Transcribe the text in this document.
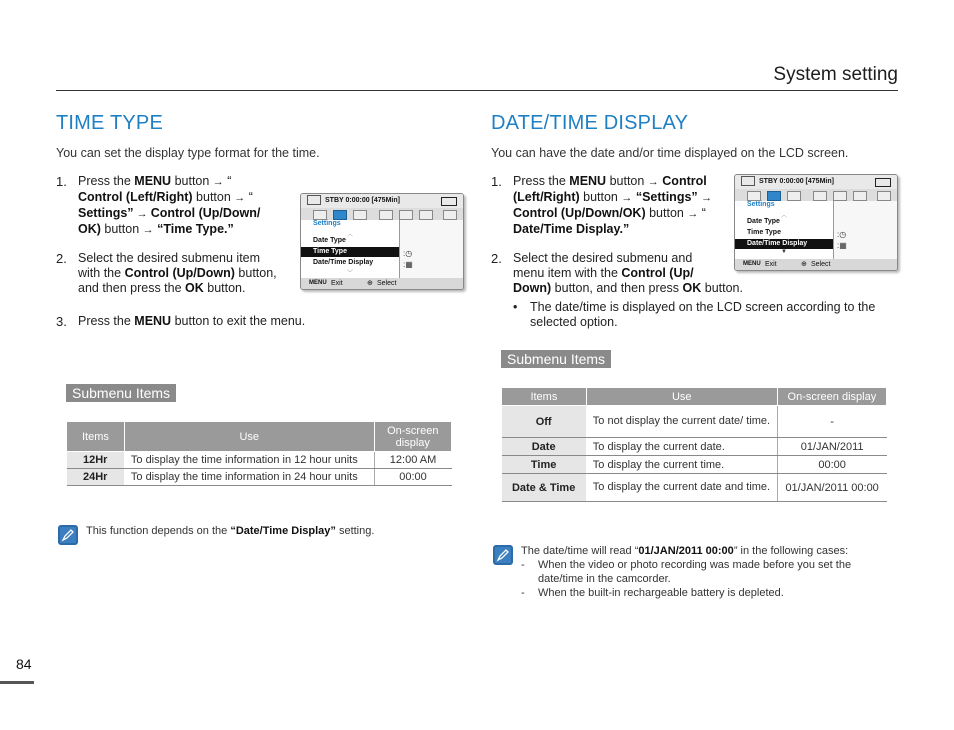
System setting
TIME TYPE
You can set the display type format for the time.
1. Press the MENU button → “
Control (Left/Right) button → “
Settings” → Control (Up/Down/
OK) button → “Time Type.”
2. Select the desired submenu item
with the Control (Up/Down) button,
and then press the OK button.
3. Press the MENU button to exit the menu.
STBY 0:00:00 [475Min]
Settings
︿
Date Type
Time Type
Date/Time Display
﹀
:◷
:▦
MENU Exit	⊕ Select
Submenu Items
Items	Use	On-screen display
12Hr	To display the time information in 12 hour units	12:00 AM
24Hr	To display the time information in 24 hour units	00:00
This function depends on the “Date/Time Display” setting.
DATE/TIME DISPLAY
You can have the date and/or time displayed on the LCD screen.
1. Press the MENU button → Control
(Left/Right) button → “Settings” →
Control (Up/Down/OK) button → “
Date/Time Display.”
2. Select the desired submenu and
menu item with the Control (Up/
Down) button, and then press OK button.
• The date/time is displayed on the LCD screen according to the selected option.
STBY 0:00:00 [475Min]
Settings
︿
Date Type
Time Type
Date/Time Display
▼
:◷
:▦
MENU Exit	⊕ Select
Submenu Items
Items	Use	On-screen display
Off	To not display the current date/ time.	-
Date	To display the current date.	01/JAN/2011
Time	To display the current time.	00:00
Date & Time	To display the current date and time.	01/JAN/2011 00:00
The date/time will read “01/JAN/2011 00:00” in the following cases:
- When the video or photo recording was made before you set the date/time in the camcorder.
- When the built-in rechargeable battery is depleted.
84
